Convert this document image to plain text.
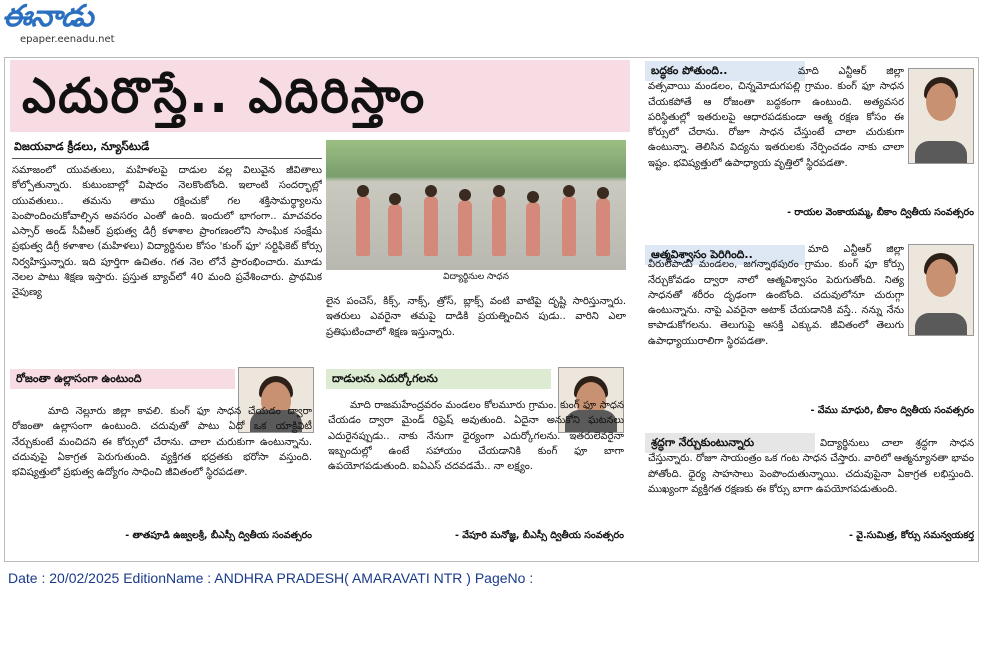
ఈనాడు
epaper.eenadu.net
ఎదురొస్తే.. ఎదిరిస్తాం
విజయవాడ క్రీడలు, న్యూస్‌టుడే
సమాజంలో యువతులు, మహిళలపై దాడుల వల్ల విలువైన జీవితాలు కోల్పోతున్నారు. కుటుంబాల్లో విషాదం నెలకొంటోంది. ఇలాంటి సందర్భాల్లో యువతులు.. తమను తాము రక్షించుకో గల శక్తిసామర్థ్యాలను పెంపొందించుకోవాల్సిన అవసరం ఎంతో ఉంది. ఇందులో భాగంగా.. మాచవరం ఎస్సార్ అండ్ సీవీఆర్ ప్రభుత్వ డిగ్రీ కళాశాల ప్రాంగణంలోని సాంఘిక సంక్షేమ ప్రభుత్వ డిగ్రీ కళాశాల (మహిళలు) విద్యార్థినుల కోసం 'కుంగ్ ఫూ' సర్టిఫికెట్ కోర్సు నిర్వహిస్తున్నారు. ఇది పూర్తిగా ఉచితం. గత నెల లోనే ప్రారంభించారు. మూడు నెలల పాటు శిక్షణ ఇస్తారు. ప్రస్తుత బ్యాచ్‌లో 40 మంది ప్రవేశించారు. ప్రాథమిక నైపుణ్య
విద్యార్థినుల సాధన
లైన పంచెస్, కిక్స్, నాక్స్, త్రోస్, బ్లాక్స్ వంటి వాటిపై దృష్టి సారిస్తున్నారు. ఇతరులు ఎవరైనా తమపై దాడికి ప్రయత్నించిన పుడు.. వారిని ఎలా ప్రతిఘటించాలో శిక్షణ ఇస్తున్నారు.
రోజంతా ఉల్లాసంగా ఉంటుంది
మాది నెల్లూరు జిల్లా కావలి. కుంగ్ ఫూ సాధన చేయడం ద్వారా రోజంతా ఉల్లాసంగా ఉంటుంది. చదువుతో పాటు ఏదో ఒక యాక్టివిటీ నేర్చుకుంటే మంచిదని ఈ కోర్సులో చేరాను. చాలా చురుకుగా ఉంటున్నాను. చదువుపై ఏకాగ్రత పెరుగుతుంది. వ్యక్తిగత భద్రతకు భరోసా వస్తుంది. భవిష్యత్తులో ప్రభుత్వ ఉద్యోగం సాధించి జీవితంలో స్థిరపడతా.
- తాతపూడి ఉజ్వలశ్రీ, బీఎస్సీ ద్వితీయ సంవత్సరం
దాడులను ఎదుర్కోగలను
మాది రాజమహేంద్రవరం మండలం కోలమూరు గ్రామం. కుంగ్ ఫూ సాధన చేయడం ద్వారా మైండ్ రిఫ్రెష్ అవుతుంది. ఏదైనా అనుకోని ఘటనలు ఎదురైనప్పుడు.. నాకు నేనుగా ధైర్యంగా ఎదుర్కోగలను. ఇతరులెవరైనా ఇబ్బందుల్లో ఉంటే సహాయం చేయడానికి కుంగ్ ఫూ బాగా ఉపయోగపడుతుంది. ఐఏఎస్ చదవడమే.. నా లక్ష్యం.
- వేపూరి మనోజ్ఞ, బీఎస్సీ ద్వితీయ సంవత్సరం
బద్ధకం పోతుంది..	మాది ఎన్టీఆర్ జిల్లా వత్సవాయి మండలం, చిన్నమోదుగపల్లి గ్రామం. కుంగ్ ఫూ సాధన చేయకపోతే ఆ రోజంతా బద్ధకంగా ఉంటుంది. అత్యవసర పరిస్థితుల్లో ఇతరులపై ఆధారపడకుండా ఆత్మ రక్షణ కోసం ఈ కోర్సులో చేరాను. రోజూ సాధన చేస్తుంటే చాలా చురుకుగా ఉంటున్నా. తెలిసిన విద్యను ఇతరులకు నేర్పించడం నాకు చాలా ఇష్టం. భవిష్యత్తులో ఉపాధ్యాయ వృత్తిలో స్థిరపడతా.
- రాయల వెంకాయమ్మ, బీకాం ద్వితీయ సంవత్సరం
ఆత్మవిశ్వాసం పెరిగింది..	మాది ఎన్టీఆర్ జిల్లా వీరులపాడు మండలం, జగన్నాథపురం గ్రామం. కుంగ్ ఫూ కోర్సు నేర్చుకోవడం ద్వారా నాలో ఆత్మవిశ్వాసం పెరుగుతోంది. నిత్య సాధనతో శరీరం దృఢంగా ఉంటోంది. చదువులోనూ చురుగ్గా ఉంటున్నాను. నాపై ఎవరైనా అటాక్ చేయడానికి వస్తే.. నన్ను నేను కాపాడుకోగలను. తెలుగుపై ఆసక్తి ఎక్కువ. జీవితంలో తెలుగు ఉపాధ్యాయురాలిగా స్థిరపడతా.
- వేము మాధురి, బీకాం ద్వితీయ సంవత్సరం
శ్రద్ధగా నేర్చుకుంటున్నారు	విద్యార్థినులు చాలా శ్రద్ధగా సాధన చేస్తున్నారు. రోజూ సాయంత్రం ఒక గంట సాధన చేస్తారు. వారిలో ఆత్మన్యూనతా భావం పోతోంది. ధైర్య సాహసాలు పెంపొందుతున్నాయి. చదువుపైనా ఏకాగ్రత లభిస్తుంది. ముఖ్యంగా వ్యక్తిగత రక్షణకు ఈ కోర్సు బాగా ఉపయోగపడుతుంది.
- వై.సుమిత్ర, కోర్సు సమన్వయకర్త
Date : 20/02/2025 EditionName : ANDHRA PRADESH( AMARAVATI NTR ) PageNo :
